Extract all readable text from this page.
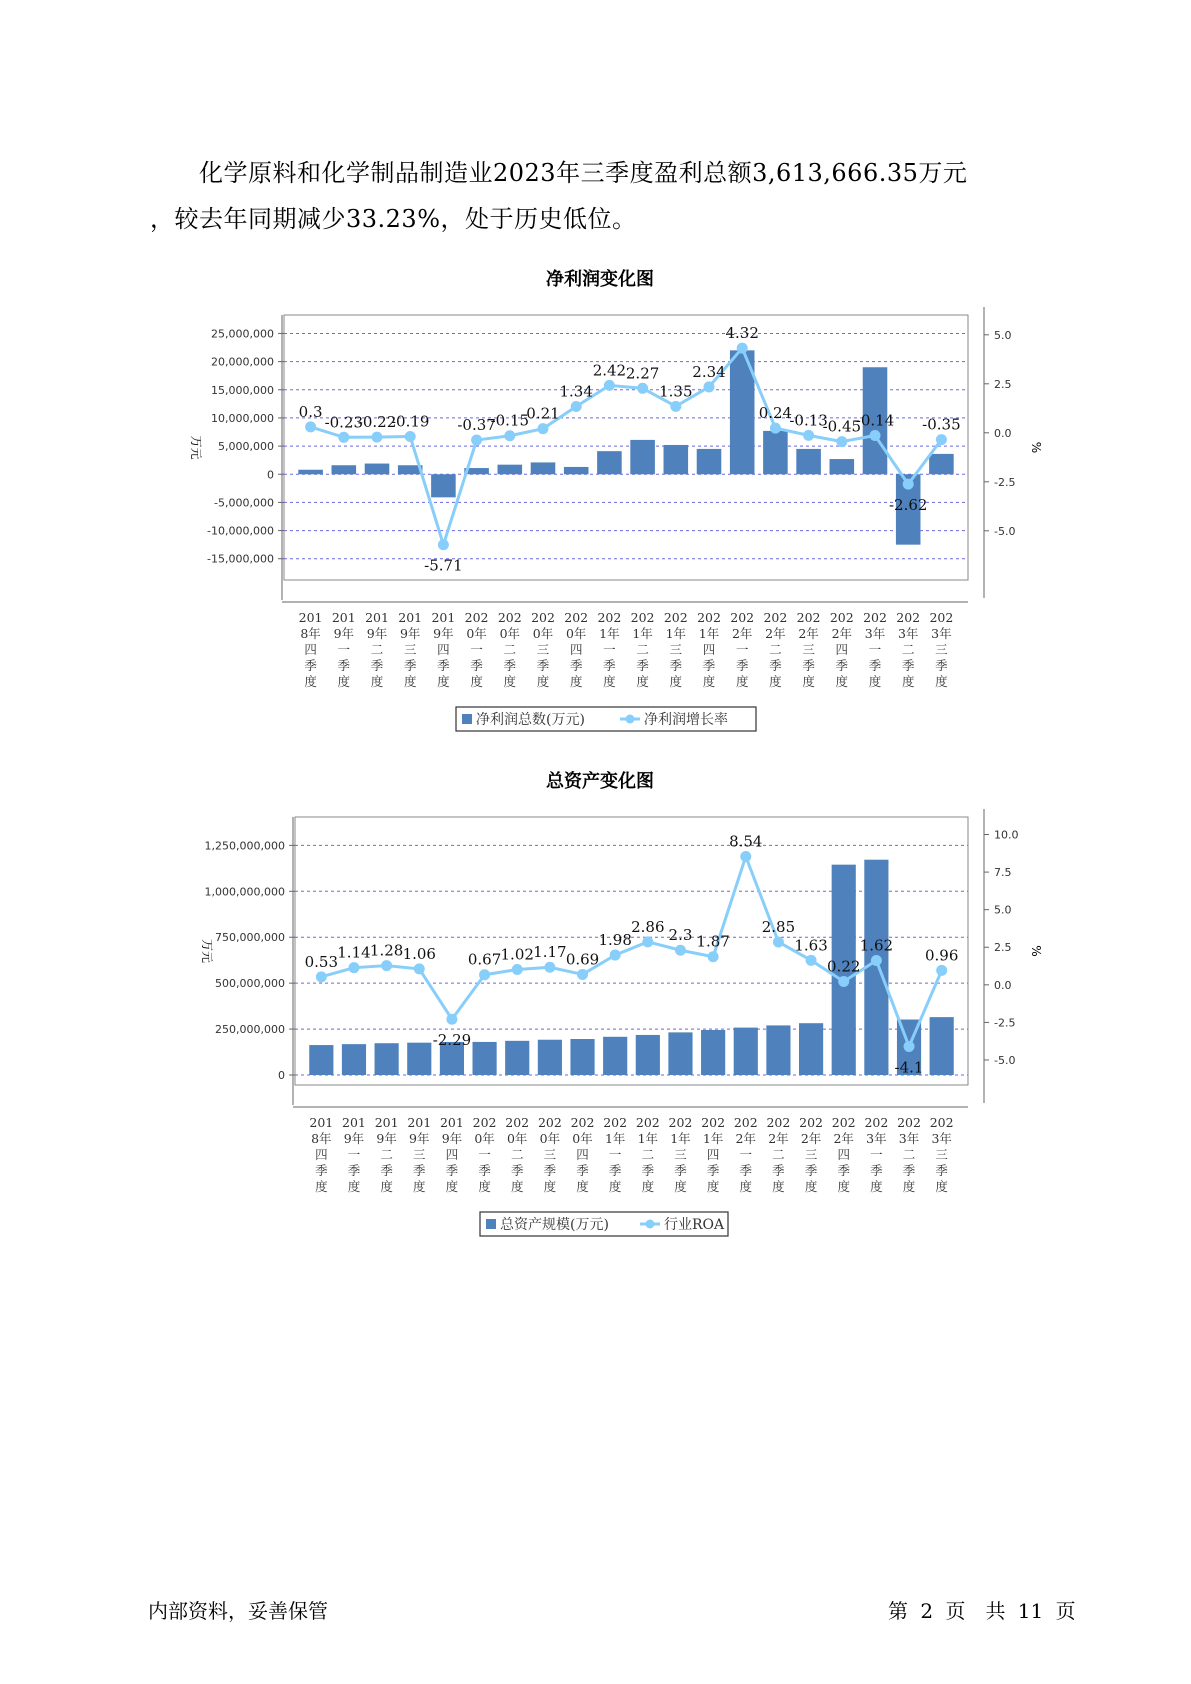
　　化学原料和化学制品制造业2023年三季度盈利总额3,613,666.35万元
，较去年同期减少33.23%，处于历史低位。
净利润变化图
-15,000,000
-10,000,000
-5,000,000
0
5,000,000
10,000,000
15,000,000
20,000,000
25,000,000
-5.0
-2.5
0.0
2.5
5.0
万元	%
0.3
-0.23
-0.22
-0.19
-5.71
-0.37
-0.15
0.21
1.34
2.42 2.27
1.35
2.34
4.32
0.24
-0.13
-0.45
-0.14
-2.62
-0.35
201
8年
四
季
度
201
9年
一
季
度
201
9年
二
季
度
201
9年
三
季
度
201
9年
四
季
度
202
0年
一
季
度
202
0年
二
季
度
202
0年
三
季
度
202
0年
四
季
度
202
1年
一
季
度
202
1年
二
季
度
202
1年
三
季
度
202
1年
四
季
度
202
2年
一
季
度
202
2年
二
季
度
202
2年
三
季
度
202
2年
四
季
度
202
3年
一
季
度
202
3年
二
季
度
202
3年
三
季
度
净利润总数(万元)	净利润增长率
总资产变化图
0
250,000,000
500,000,000
750,000,000
1,000,000,000
1,250,000,000
-5.0
-2.5
0.0
2.5
5.0
7.5
10.0
万元	%
0.53
1.14 1.28 1.06
-2.29
0.67 1.02 1.17 0.69
1.98
2.86 2.3 1.87
8.54
2.85
1.63
0.22
1.62
-4.1
0.96
201
8年
四
季
度
201
9年
一
季
度
201
9年
二
季
度
201
9年
三
季
度
201
9年
四
季
度
202
0年
一
季
度
202
0年
二
季
度
202
0年
三
季
度
202
0年
四
季
度
202
1年
一
季
度
202
1年
二
季
度
202
1年
三
季
度
202
1年
四
季
度
202
2年
一
季
度
202
2年
二
季
度
202
2年
三
季
度
202
2年
四
季
度
202
3年
一
季
度
202
3年
二
季
度
202
3年
三
季
度
总资产规模(万元)	行业ROA
内部资料，妥善保管	第 2 页　共 11 页
